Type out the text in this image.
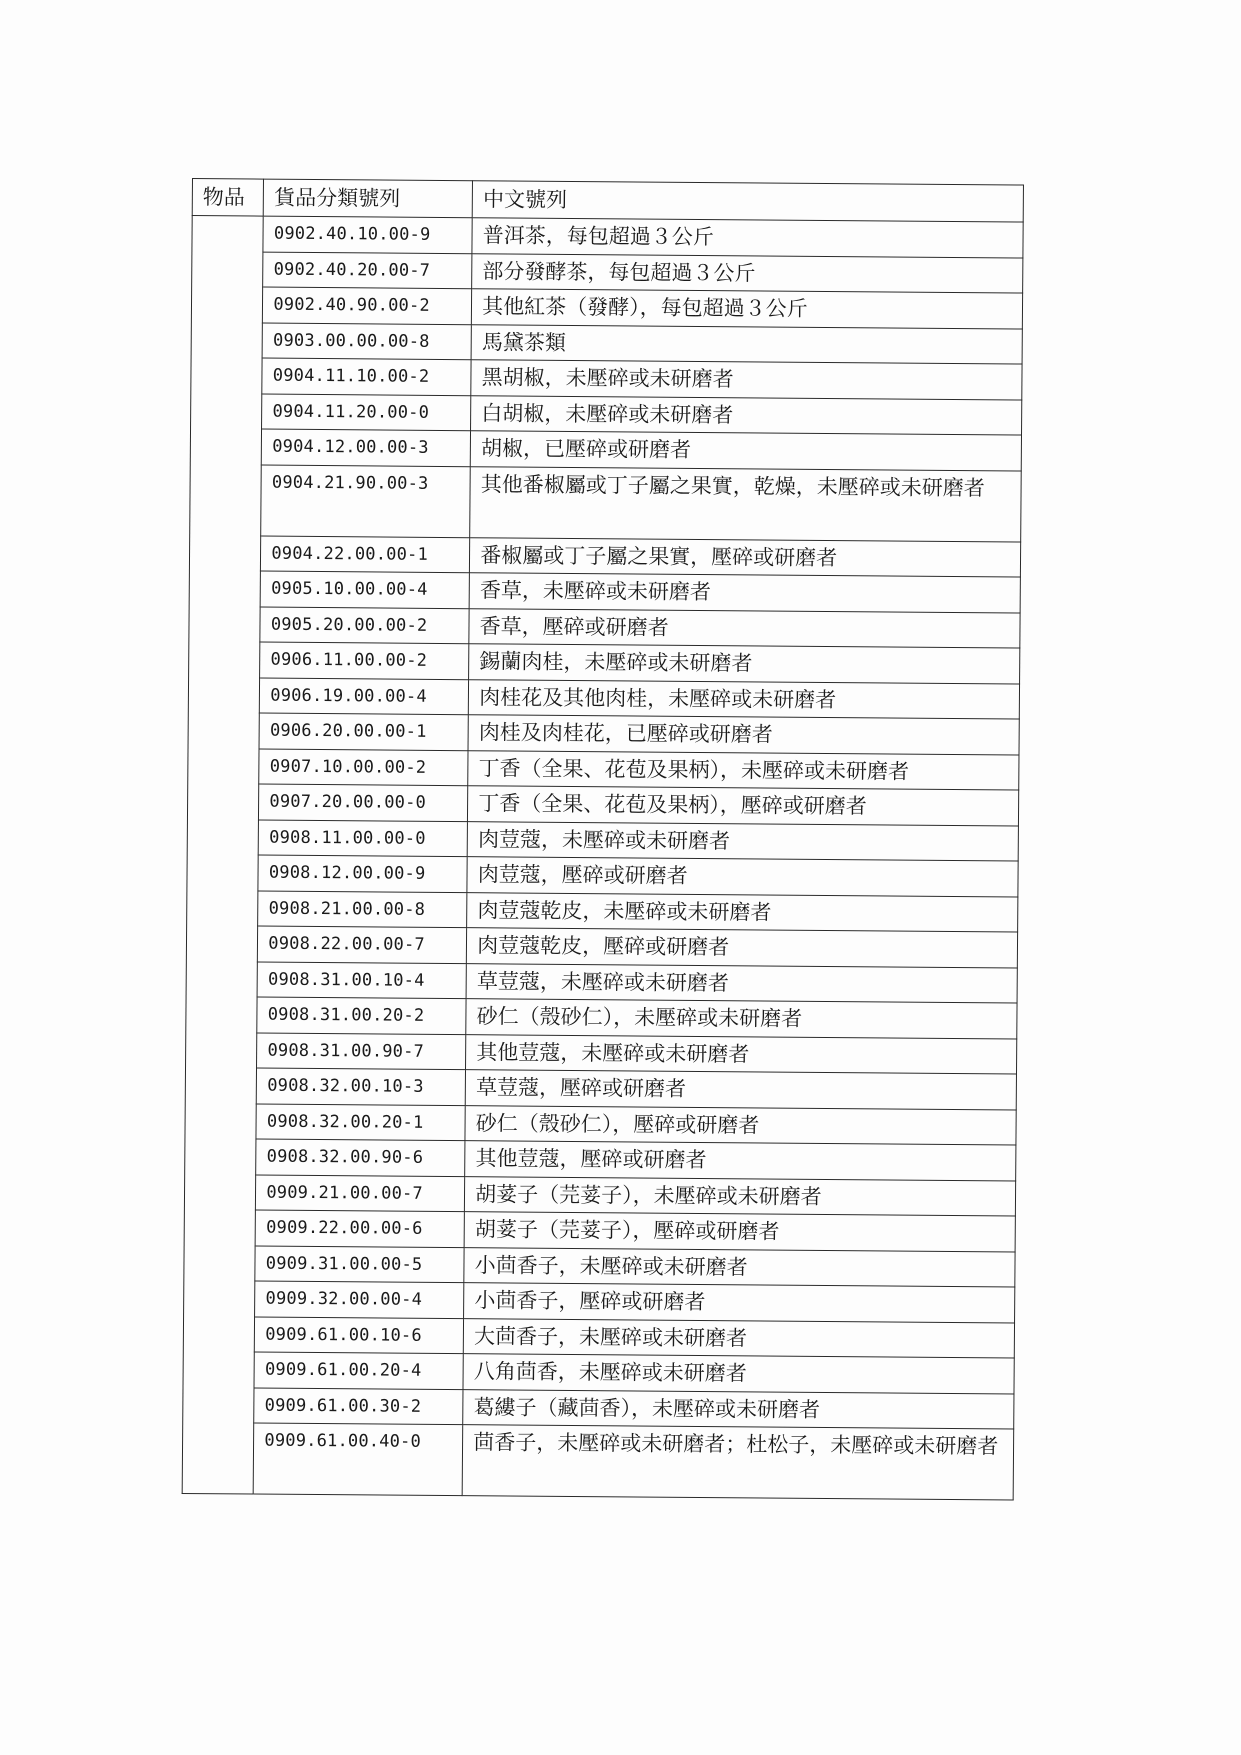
物品	貨品分類號列	中文號列
	0902.40.10.00-9	普洱茶，每包超過３公斤
	0902.40.20.00-7	部分發酵茶，每包超過３公斤
	0902.40.90.00-2	其他紅茶（發酵），每包超過３公斤
	0903.00.00.00-8	馬黛茶類
	0904.11.10.00-2	黑胡椒，未壓碎或未研磨者
	0904.11.20.00-0	白胡椒，未壓碎或未研磨者
	0904.12.00.00-3	胡椒，已壓碎或研磨者
	0904.21.90.00-3	其他番椒屬或丁子屬之果實，乾燥，未壓碎或未研磨者
	0904.22.00.00-1	番椒屬或丁子屬之果實，壓碎或研磨者
	0905.10.00.00-4	香草，未壓碎或未研磨者
	0905.20.00.00-2	香草，壓碎或研磨者
	0906.11.00.00-2	錫蘭肉桂，未壓碎或未研磨者
	0906.19.00.00-4	肉桂花及其他肉桂，未壓碎或未研磨者
	0906.20.00.00-1	肉桂及肉桂花，已壓碎或研磨者
	0907.10.00.00-2	丁香（全果、花苞及果柄），未壓碎或未研磨者
	0907.20.00.00-0	丁香（全果、花苞及果柄），壓碎或研磨者
	0908.11.00.00-0	肉荳蔻，未壓碎或未研磨者
	0908.12.00.00-9	肉荳蔻，壓碎或研磨者
	0908.21.00.00-8	肉荳蔻乾皮，未壓碎或未研磨者
	0908.22.00.00-7	肉荳蔻乾皮，壓碎或研磨者
	0908.31.00.10-4	草荳蔻，未壓碎或未研磨者
	0908.31.00.20-2	砂仁（殼砂仁），未壓碎或未研磨者
	0908.31.00.90-7	其他荳蔻，未壓碎或未研磨者
	0908.32.00.10-3	草荳蔻，壓碎或研磨者
	0908.32.00.20-1	砂仁（殼砂仁），壓碎或研磨者
	0908.32.00.90-6	其他荳蔻，壓碎或研磨者
	0909.21.00.00-7	胡荽子（芫荽子），未壓碎或未研磨者
	0909.22.00.00-6	胡荽子（芫荽子），壓碎或研磨者
	0909.31.00.00-5	小茴香子，未壓碎或未研磨者
	0909.32.00.00-4	小茴香子，壓碎或研磨者
	0909.61.00.10-6	大茴香子，未壓碎或未研磨者
	0909.61.00.20-4	八角茴香，未壓碎或未研磨者
	0909.61.00.30-2	葛縷子（藏茴香），未壓碎或未研磨者
	0909.61.00.40-0	茴香子，未壓碎或未研磨者；杜松子，未壓碎或未研磨者
